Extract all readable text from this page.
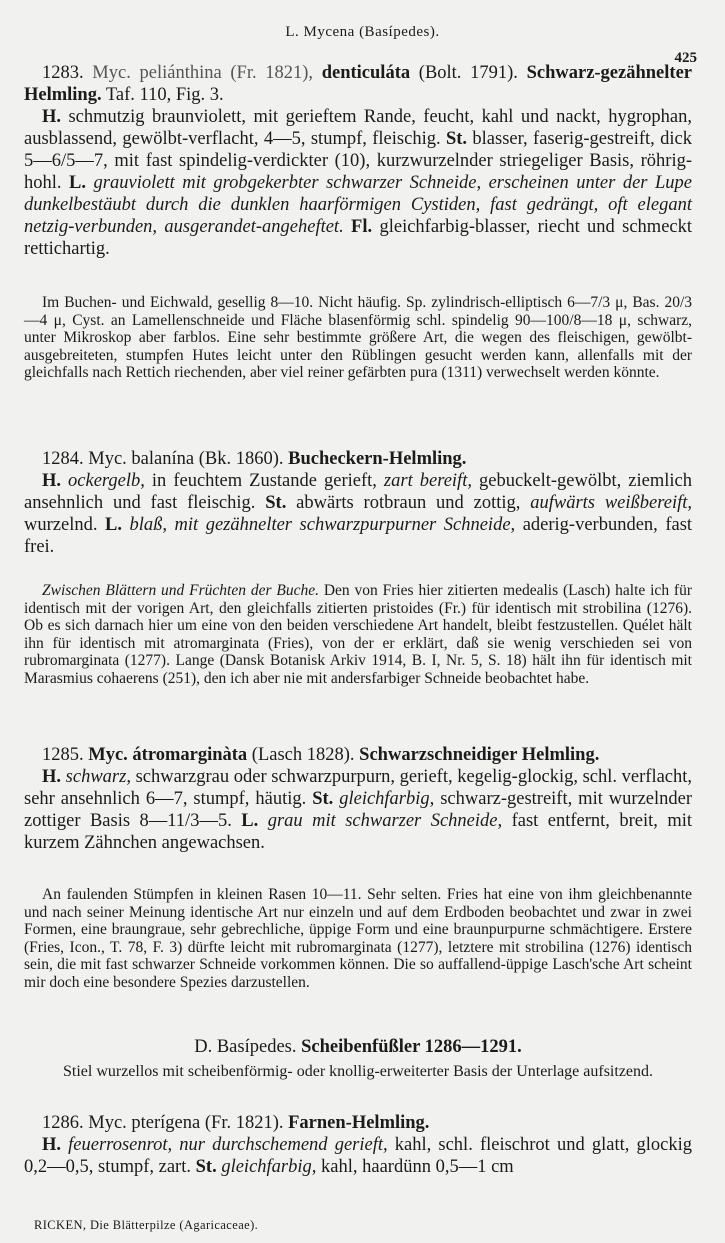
L. Mycena (Basípedes).
425
1283. Myc. peliánthina (Fr. 1821), denticuláta (Bolt. 1791). Schwarz-gezähnelter Helmling. Taf. 110, Fig. 3.
H. schmutzig braunviolett, mit gerieftem Rande, feucht, kahl und nackt, hygrophan, ausblassend, gewölbt-verflacht, 4—5, stumpf, fleischig. St. blasser, faserig-gestreift, dick 5—6/5—7, mit fast spindelig-verdickter (10), kurzwurzelnder striegeliger Basis, röhrig-hohl. L. grauviolett mit grobgekerbter schwarzer Schneide, erscheinen unter der Lupe dunkelbestäubt durch die dunklen haarförmigen Cystiden, fast gedrängt, oft elegant netzig-verbunden, ausgerandet-angeheftet. Fl. gleichfarbig-blasser, riecht und schmeckt rettichartig.
Im Buchen- und Eichwald, gesellig 8—10. Nicht häufig. Sp. zylindrisch-elliptisch 6—7/3 μ, Bas. 20/3—4 μ, Cyst. an Lamellenschneide und Fläche blasenförmig schl. spindelig 90—100/8—18 μ, schwarz, unter Mikroskop aber farblos. Eine sehr bestimmte größere Art, die wegen des fleischigen, gewölbt-ausgebreiteten, stumpfen Hutes leicht unter den Rüblingen gesucht werden kann, allenfalls mit der gleichfalls nach Rettich riechenden, aber viel reiner gefärbten pura (1311) verwechselt werden könnte.
1284. Myc. balanína (Bk. 1860). Bucheckern-Helmling.
H. ockergelb, in feuchtem Zustande gerieft, zart bereift, gebuckelt-gewölbt, ziemlich ansehnlich und fast fleischig. St. abwärts rotbraun und zottig, aufwärts weißbereift, wurzelnd. L. blaß, mit gezähnelter schwarzpurpurner Schneide, aderig-verbunden, fast frei.
Zwischen Blättern und Früchten der Buche. Den von Fries hier zitierten medealis (Lasch) halte ich für identisch mit der vorigen Art, den gleichfalls zitierten pristoides (Fr.) für identisch mit strobilina (1276). Ob es sich darnach hier um eine von den beiden verschiedene Art handelt, bleibt festzustellen. Quélet hält ihn für identisch mit atromarginata (Fries), von der er erklärt, daß sie wenig verschieden sei von rubromarginata (1277). Lange (Dansk Botanisk Arkiv 1914, B. I, Nr. 5, S. 18) hält ihn für identisch mit Marasmius cohaerens (251), den ich aber nie mit andersfarbiger Schneide beobachtet habe.
1285. Myc. átromarginàta (Lasch 1828). Schwarzschneidiger Helmling.
H. schwarz, schwarzgrau oder schwarzpurpurn, gerieft, kegelig-glockig, schl. verflacht, sehr ansehnlich 6—7, stumpf, häutig. St. gleichfarbig, schwarz-gestreift, mit wurzelnder zottiger Basis 8—11/3—5. L. grau mit schwarzer Schneide, fast entfernt, breit, mit kurzem Zähnchen angewachsen.
An faulenden Stümpfen in kleinen Rasen 10—11. Sehr selten. Fries hat eine von ihm gleichbenannte und nach seiner Meinung identische Art nur einzeln und auf dem Erdboden beobachtet und zwar in zwei Formen, eine braungraue, sehr gebrechliche, üppige Form und eine braunpurpurne schmächtigere. Erstere (Fries, Icon., T. 78, F. 3) dürfte leicht mit rubromarginata (1277), letztere mit strobilina (1276) identisch sein, die mit fast schwarzer Schneide vorkommen können. Die so auffallend-üppige Lasch'sche Art scheint mir doch eine besondere Spezies darzustellen.
D. Basípedes. Scheibenfüßler 1286—1291.
Stiel wurzellos mit scheibenförmig- oder knollig-erweiterter Basis der Unterlage aufsitzend.
1286. Myc. pterígena (Fr. 1821). Farnen-Helmling.
H. feuerrosenrot, nur durchschemend gerieft, kahl, schl. fleischrot und glatt, glockig 0,2—0,5, stumpf, zart. St. gleichfarbig, kahl, haardünn 0,5—1 cm
RICKEN, Die Blätterpilze (Agaricaceae).
